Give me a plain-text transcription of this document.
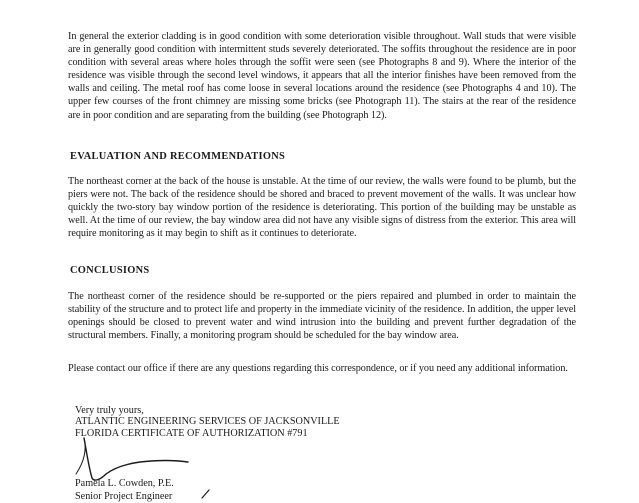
In general the exterior cladding is in good condition with some deterioration visible throughout. Wall studs that were visible are in generally good condition with intermittent studs severely deteriorated. The soffits throughout the residence are in poor condition with several areas where holes through the soffit were seen (see Photographs 8 and 9). Where the interior of the residence was visible through the second level windows, it appears that all the interior finishes have been removed from the walls and ceiling. The metal roof has come loose in several locations around the residence (see Photographs 4 and 10). The upper few courses of the front chimney are missing some bricks (see Photograph 11). The stairs at the rear of the residence are in poor condition and are separating from the building (see Photograph 12).

EVALUATION AND RECOMMENDATIONS

The northeast corner at the back of the house is unstable. At the time of our review, the walls were found to be plumb, but the piers were not. The back of the residence should be shored and braced to prevent movement of the walls. It was unclear how quickly the two-story bay window portion of the residence is deteriorating. This portion of the building may be unstable as well. At the time of our review, the bay window area did not have any visible signs of distress from the exterior. This area will require monitoring as it may begin to shift as it continues to deteriorate.

CONCLUSIONS

The northeast corner of the residence should be re-supported or the piers repaired and plumbed in order to maintain the stability of the structure and to protect life and property in the immediate vicinity of the residence. In addition, the upper level openings should be closed to prevent water and wind intrusion into the building and prevent further degradation of the structural members. Finally, a monitoring program should be scheduled for the bay window area.

Please contact our office if there are any questions regarding this correspondence, or if you need any additional information.

Very truly yours,

ATLANTIC ENGINEERING SERVICES OF JACKSONVILLE

FLORIDA CERTIFICATE OF AUTHORIZATION #791

Pamela L. Cowden, P.E.

Senior Project Engineer
